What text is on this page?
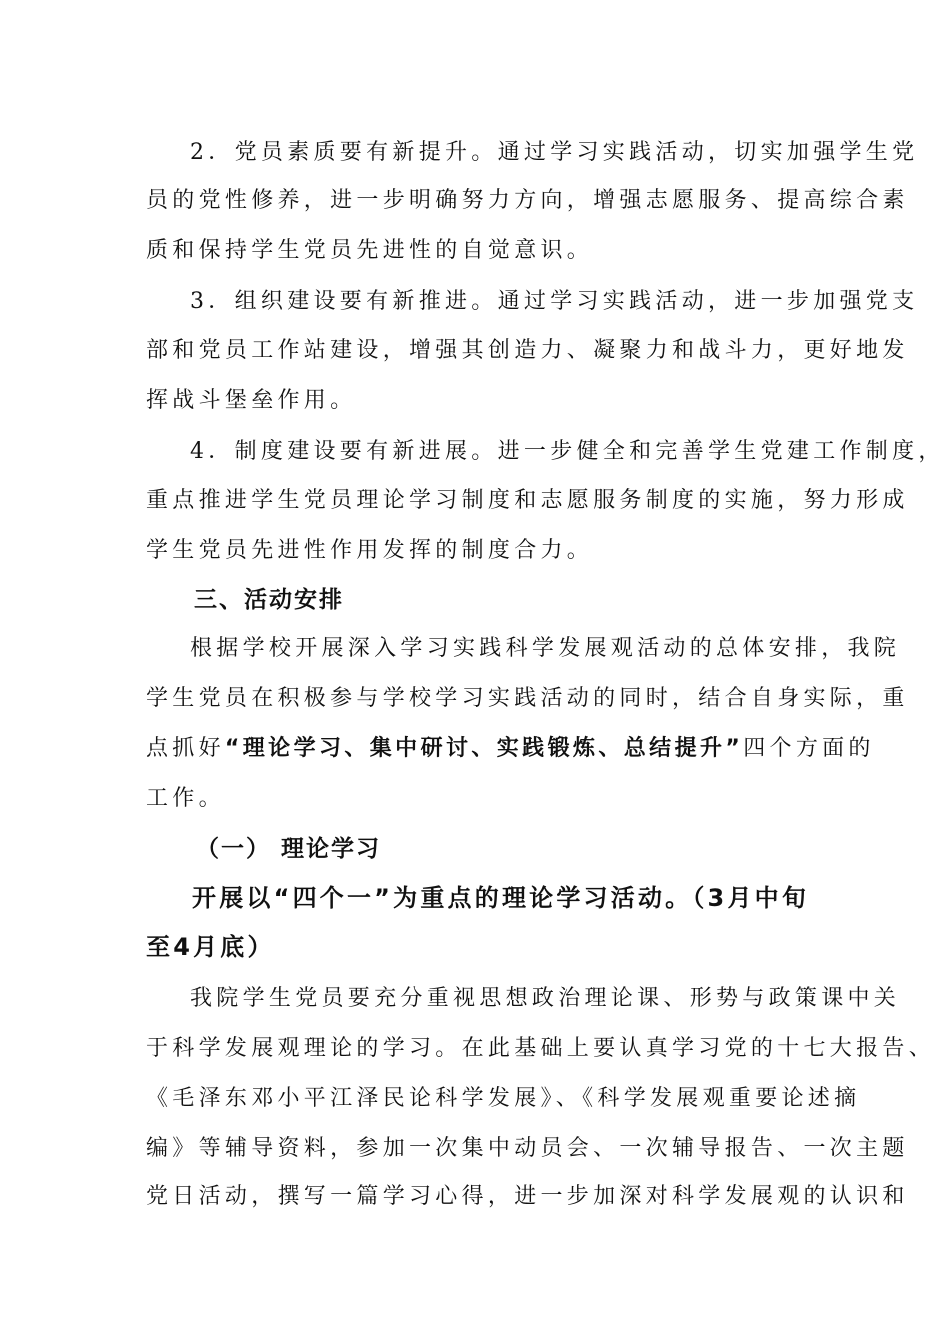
2．党员素质要有新提升。通过学习实践活动，切实加强学生党
员的党性修养，进一步明确努力方向，增强志愿服务、提高综合素
质和保持学生党员先进性的自觉意识。
3．组织建设要有新推进。通过学习实践活动，进一步加强党支
部和党员工作站建设，增强其创造力、凝聚力和战斗力，更好地发
挥战斗堡垒作用。
4．制度建设要有新进展。进一步健全和完善学生党建工作制度，
重点推进学生党员理论学习制度和志愿服务制度的实施，努力形成
学生党员先进性作用发挥的制度合力。
三、活动安排
根据学校开展深入学习实践科学发展观活动的总体安排，我院
学生党员在积极参与学校学习实践活动的同时，结合自身实际，重
点抓好“理论学习、集中研讨、实践锻炼、总结提升”四个方面的
工作。
（一） 理论学习
开展以“四个一”为重点的理论学习活动。（3月中旬
至4月底）
我院学生党员要充分重视思想政治理论课、形势与政策课中关
于科学发展观理论的学习。在此基础上要认真学习党的十七大报告、
《毛泽东邓小平江泽民论科学发展》、《科学发展观重要论述摘
编》等辅导资料，参加一次集中动员会、一次辅导报告、一次主题
党日活动，撰写一篇学习心得，进一步加深对科学发展观的认识和
